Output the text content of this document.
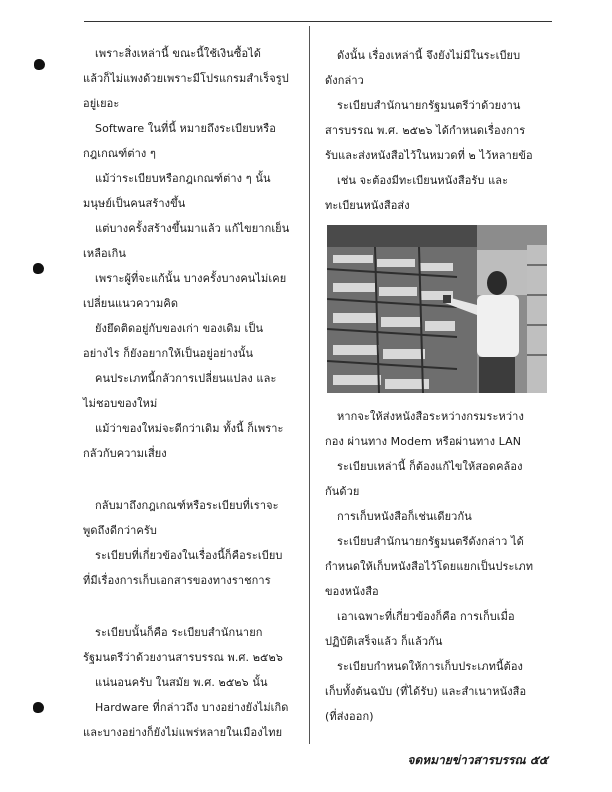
เพราะสิ่งเหล่านี้ ขณะนี้ใช้เงินซื้อได้
แล้วก็ไม่แพงด้วยเพราะมีโปรแกรมสำเร็จรูป
อยู่เยอะ
Software ในที่นี้ หมายถึงระเบียบหรือ
กฎเกณฑ์ต่าง ๆ
แม้ว่าระเบียบหรือกฎเกณฑ์ต่าง ๆ นั้น
มนุษย์เป็นคนสร้างขึ้น
แต่บางครั้งสร้างขึ้นมาแล้ว แก้ไขยากเย็น
เหลือเกิน
เพราะผู้ที่จะแก้นั้น บางครั้งบางคนไม่เคย
เปลี่ยนแนวความคิด
ยังยึดติดอยู่กับของเก่า ของเดิม เป็น
อย่างไร ก็ยังอยากให้เป็นอยู่อย่างนั้น
คนประเภทนี้กลัวการเปลี่ยนแปลง และ
ไม่ชอบของใหม่
แม้ว่าของใหม่จะดีกว่าเดิม ทั้งนี้ ก็เพราะ
กลัวกับความเสี่ยง
กลับมาถึงกฎเกณฑ์หรือระเบียบที่เราจะ
พูดถึงดีกว่าครับ
ระเบียบที่เกี่ยวข้องในเรื่องนี้ก็คือระเบียบ
ที่มีเรื่องการเก็บเอกสารของทางราชการ
ระเบียบนั้นก็คือ ระเบียบสำนักนายก
รัฐมนตรีว่าด้วยงานสารบรรณ พ.ศ. ๒๕๒๖
แน่นอนครับ ในสมัย พ.ศ. ๒๕๒๖ นั้น
Hardware ที่กล่าวถึง บางอย่างยังไม่เกิด
และบางอย่างก็ยังไม่แพร่หลายในเมืองไทย
ดังนั้น เรื่องเหล่านี้ จึงยังไม่มีในระเบียบ
ดังกล่าว
ระเบียบสำนักนายกรัฐมนตรีว่าด้วยงาน
สารบรรณ พ.ศ. ๒๕๒๖ ได้กำหนดเรื่องการ
รับและส่งหนังสือไว้ในหมวดที่ ๒ ไว้หลายข้อ
เช่น จะต้องมีทะเบียนหนังสือรับ และ
ทะเบียนหนังสือส่ง
หากจะให้ส่งหนังสือระหว่างกรมระหว่าง
กอง ผ่านทาง Modem หรือผ่านทาง LAN
ระเบียบเหล่านี้ ก็ต้องแก้ไขให้สอดคล้อง
กันด้วย
การเก็บหนังสือก็เช่นเดียวกัน
ระเบียบสำนักนายกรัฐมนตรีดังกล่าว ได้
กำหนดให้เก็บหนังสือไว้โดยแยกเป็นประเภท
ของหนังสือ
เอาเฉพาะที่เกี่ยวข้องก็คือ การเก็บเมื่อ
ปฏิบัติเสร็จแล้ว ก็แล้วกัน
ระเบียบกำหนดให้การเก็บประเภทนี้ต้อง
เก็บทั้งต้นฉบับ (ที่ได้รับ) และสำเนาหนังสือ
(ที่ส่งออก)
จดหมายข่าวสารบรรณ ๕๕
